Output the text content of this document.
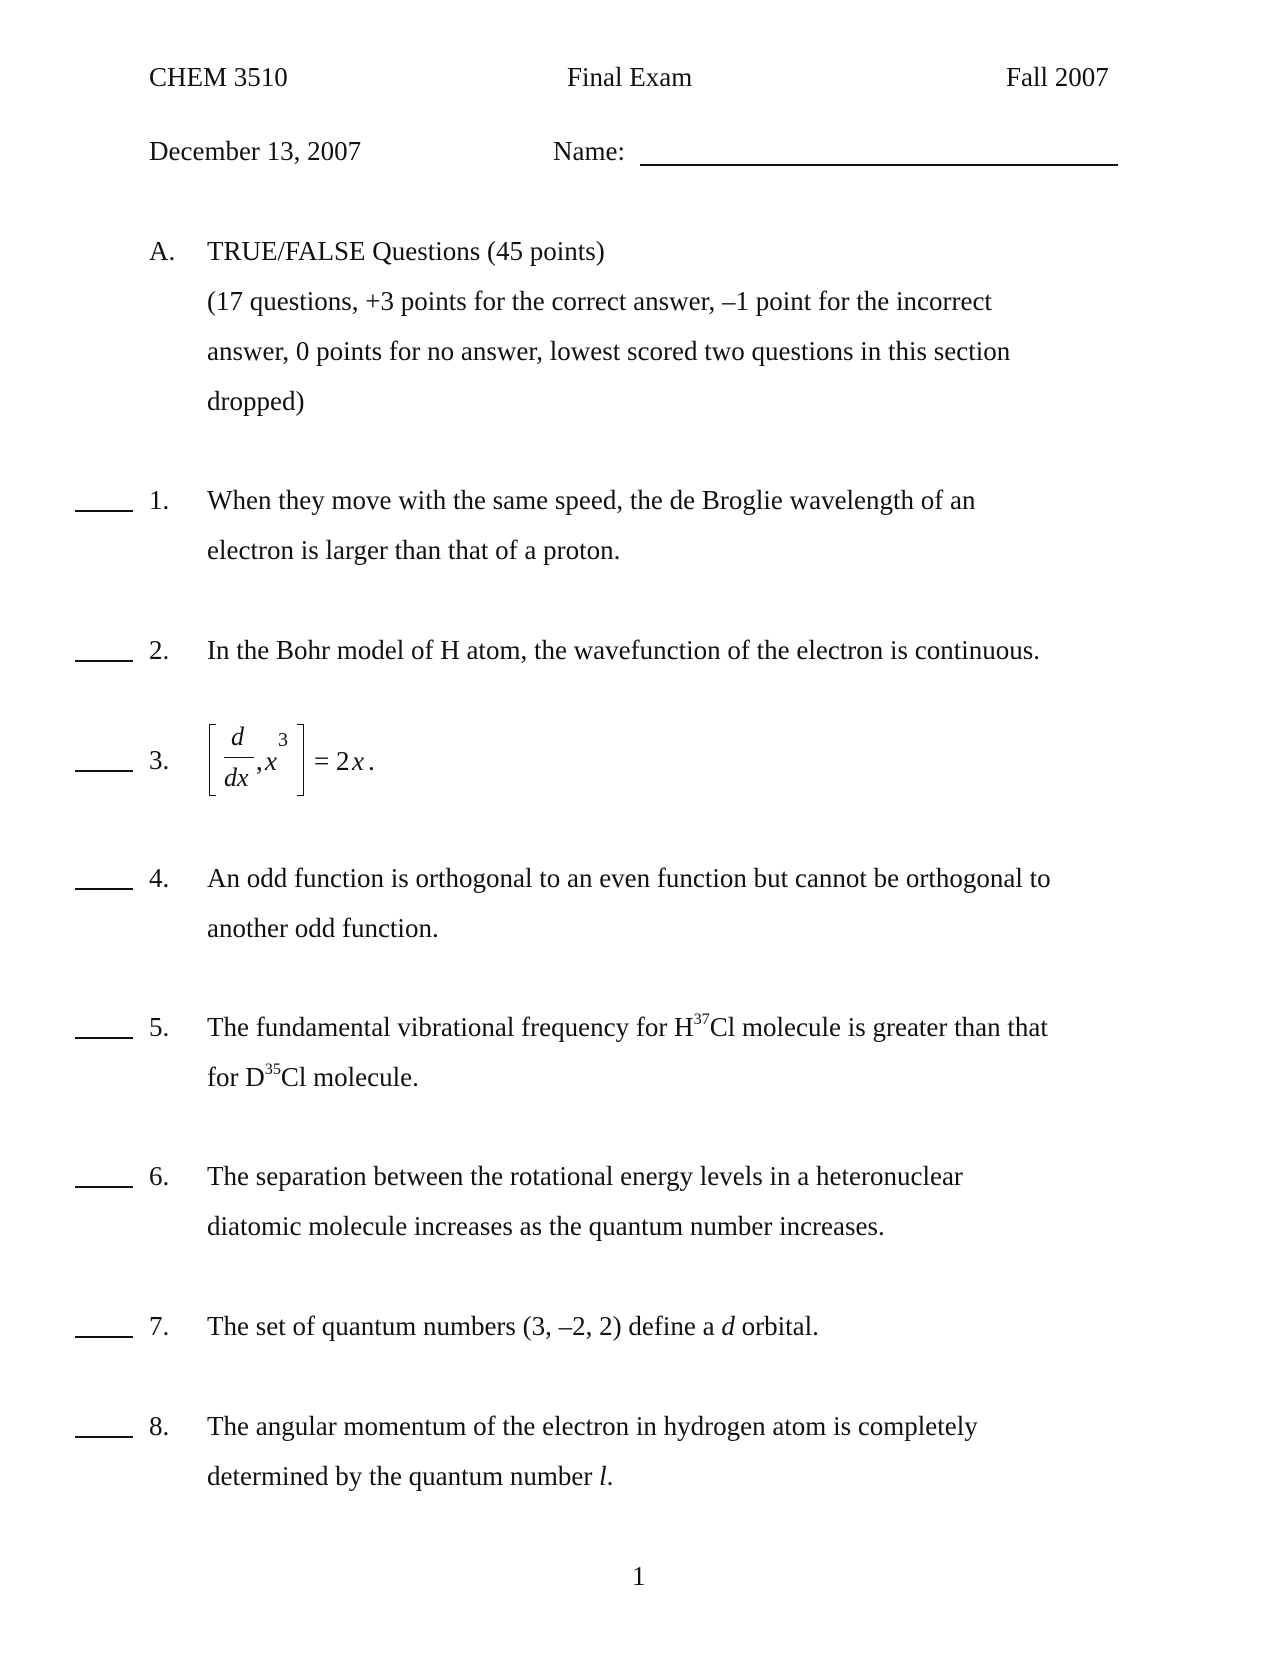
CHEM 3510	Final Exam	Fall 2007
December 13, 2007	Name:
A. TRUE/FALSE Questions (45 points)
(17 questions, +3 points for the correct answer, –1 point for the incorrect
answer, 0 points for no answer, lowest scored two questions in this section
dropped)
1. When they move with the same speed, the de Broglie wavelength of an
electron is larger than that of a proton.
2. In the Bohr model of H atom, the wavefunction of the electron is continuous.
3.
d
dx
, x
3
= 2 x .
4. An odd function is orthogonal to an even function but cannot be orthogonal to
another odd function.
5. The fundamental vibrational frequency for $H^{37}Cl$ molecule is greater than that
for $D^{35}Cl$ molecule.
6. The separation between the rotational energy levels in a heteronuclear
diatomic molecule increases as the quantum number increases.
7. The set of quantum numbers (3, –2, 2) define a d orbital.
8. The angular momentum of the electron in hydrogen atom is completely
determined by the quantum number l.
1
